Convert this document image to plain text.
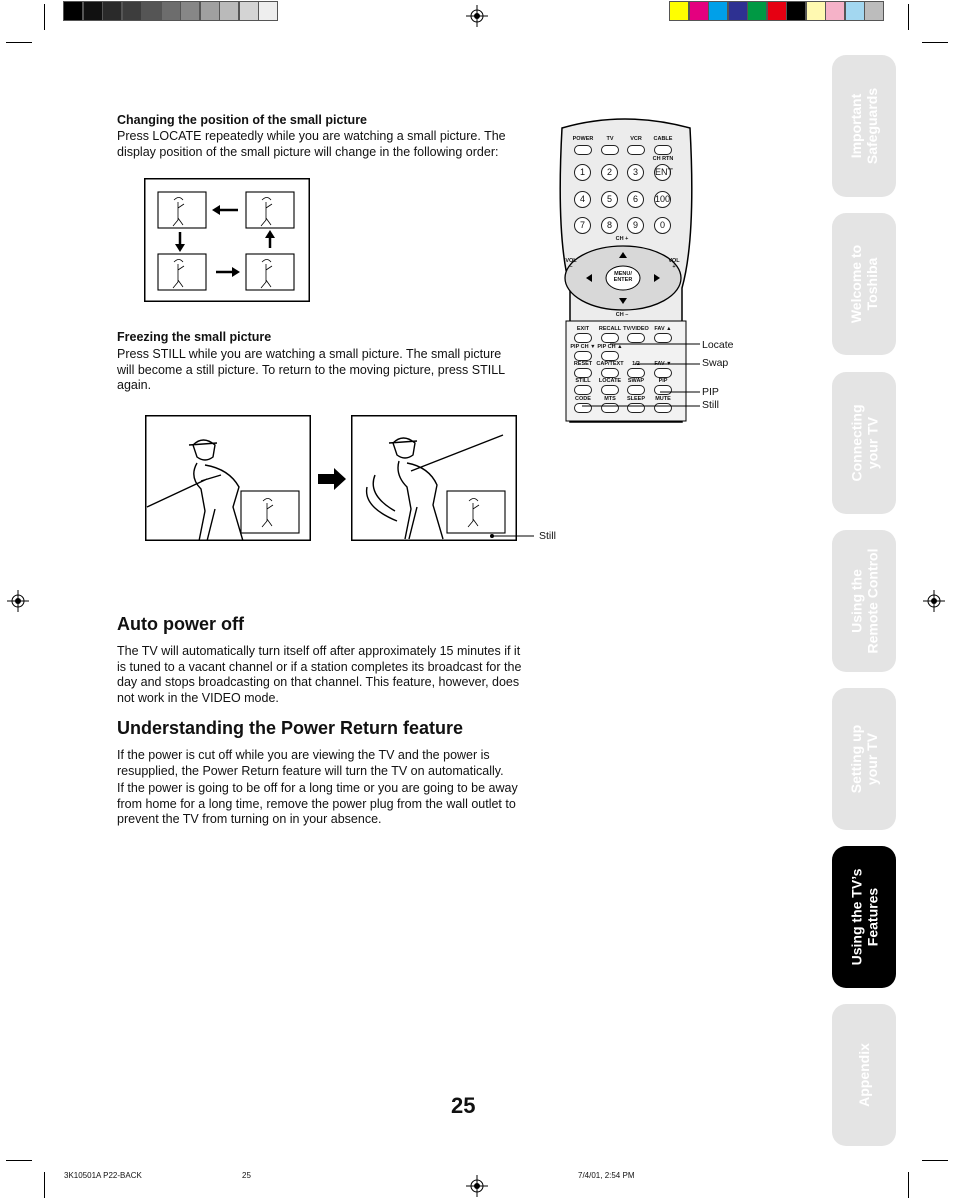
Changing the position of the small picture
Press LOCATE repeatedly while you are watching a small picture. The display position of the small picture will change in the following order:
Freezing the small picture
Press STILL while you are watching a small picture. The small picture will become a still picture. To return to the moving picture, press STILL again.
Still
POWER	TV	VCR	CABLE
CH RTN
1	2	3	ENT
4	5	6	100
7	8	9	0
CH +
CH –
VOL
–
VOL
+
MENU/
ENTER
EXIT	RECALL TV/VIDEO	FAV ▲
PIP CH ▼ PIP CH ▲
RESET CAP/TEXT	1/2	FAV ▼
STILL	LOCATE	SWAP	PIP
CODE	MTS	SLEEP	MUTE
Locate
Swap
PIP
Still
Auto power off
The TV will automatically turn itself off after approximately 15 minutes if it is tuned to a vacant channel or if a station completes its broadcast for the day and stops broadcasting on that channel. This feature, however, does not work in the VIDEO mode.
Understanding the Power Return feature
If the power is cut off while you are viewing the TV and the power is resupplied, the Power Return feature will turn the TV on automatically.
If the power is going to be off for a long time or you are going to be away from home for a long time, remove the power plug from the wall outlet to prevent the TV from turning on in your absence.
Important
Safeguards
Welcome to
Toshiba
Connecting
your TV
Using the
Remote Control
Setting up
your TV
Using the TV’s
Features
Appendix
25
3K10501A P22-BACK	25	7/4/01, 2:54 PM
